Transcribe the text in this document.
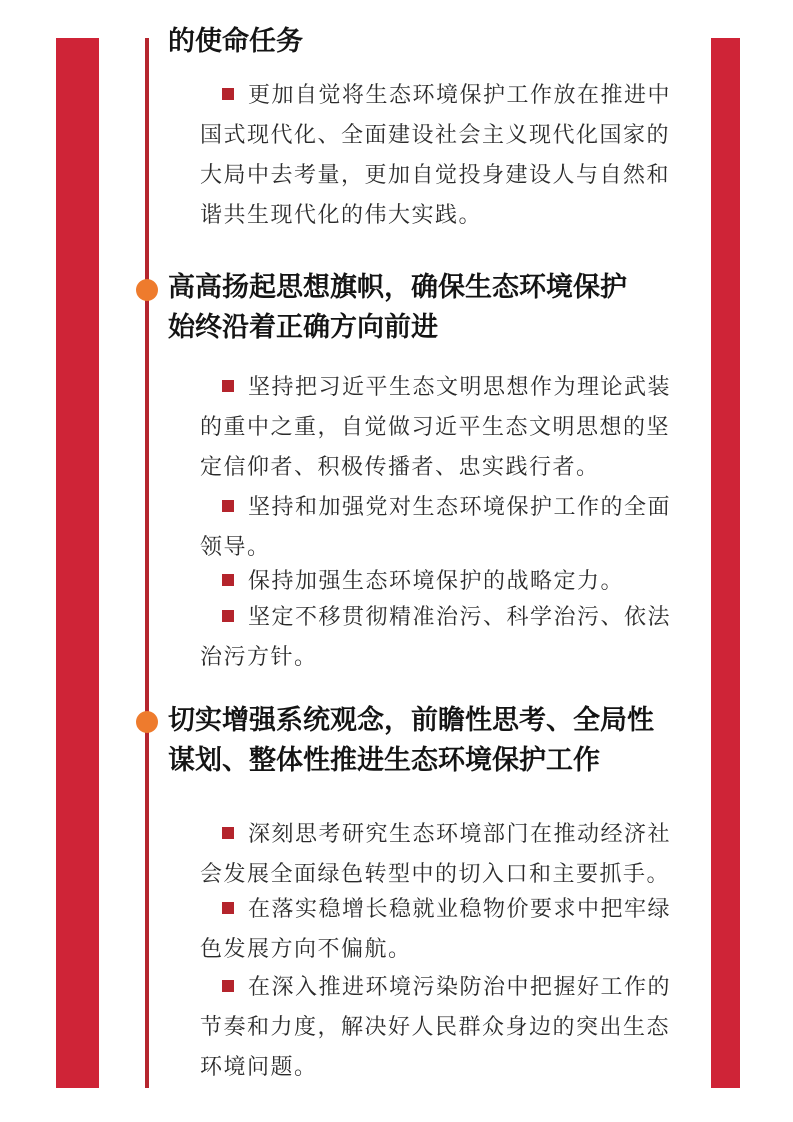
的使命任务

更加自觉将生态环境保护工作放在推进中国式现代化、全面建设社会主义现代化国家的大局中去考量，更加自觉投身建设人与自然和谐共生现代化的伟大实践。

高高扬起思想旗帜，确保生态环境保护
始终沿着正确方向前进

坚持把习近平生态文明思想作为理论武装的重中之重，自觉做习近平生态文明思想的坚定信仰者、积极传播者、忠实践行者。

坚持和加强党对生态环境保护工作的全面领导。

保持加强生态环境保护的战略定力。

坚定不移贯彻精准治污、科学治污、依法治污方针。

切实增强系统观念，前瞻性思考、全局性
谋划、整体性推进生态环境保护工作

深刻思考研究生态环境部门在推动经济社会发展全面绿色转型中的切入口和主要抓手。

在落实稳增长稳就业稳物价要求中把牢绿色发展方向不偏航。

在深入推进环境污染防治中把握好工作的节奏和力度，解决好人民群众身边的突出生态环境问题。
